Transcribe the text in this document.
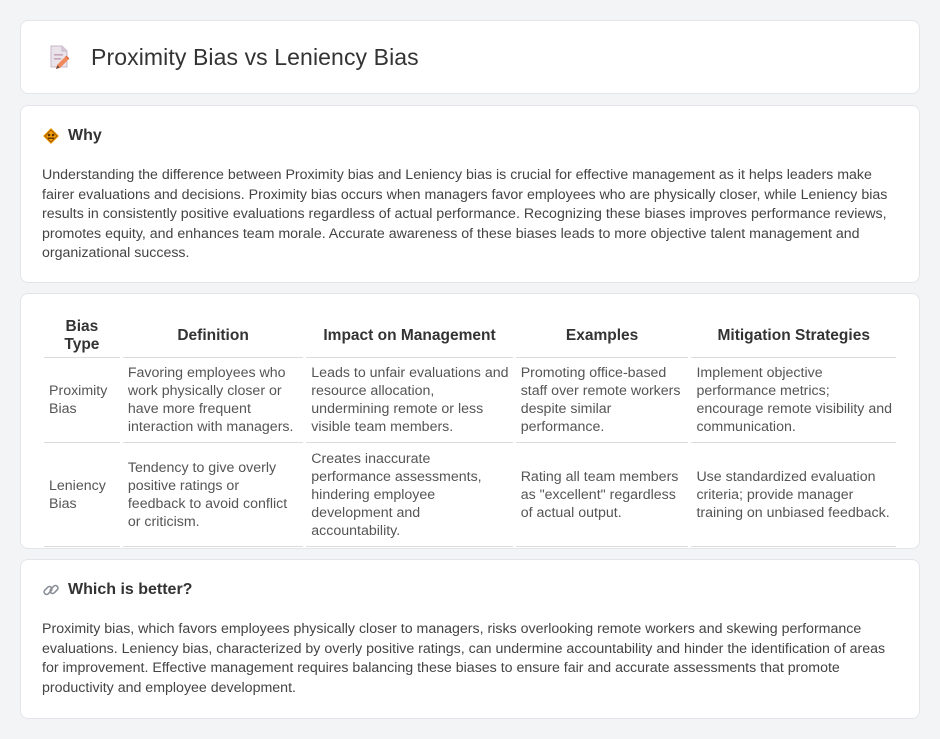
Proximity Bias vs Leniency Bias
Why

Understanding the difference between Proximity bias and Leniency bias is crucial for effective management as it helps leaders make fairer evaluations and decisions. Proximity bias occurs when managers favor employees who are physically closer, while Leniency bias results in consistently positive evaluations regardless of actual performance. Recognizing these biases improves performance reviews, promotes equity, and enhances team morale. Accurate awareness of these biases leads to more objective talent management and organizational success.

Bias Type	Definition	Impact on Management	Examples	Mitigation Strategies
Proximity Bias	Favoring employees who work physically closer or have more frequent interaction with managers.	Leads to unfair evaluations and resource allocation, undermining remote or less visible team members.	Promoting office-based staff over remote workers despite similar performance.	Implement objective performance metrics; encourage remote visibility and communication.
Leniency Bias	Tendency to give overly positive ratings or feedback to avoid conflict or criticism.	Creates inaccurate performance assessments, hindering employee development and accountability.	Rating all team members as "excellent" regardless of actual output.	Use standardized evaluation criteria; provide manager training on unbiased feedback.
Which is better?

Proximity bias, which favors employees physically closer to managers, risks overlooking remote workers and skewing performance evaluations. Leniency bias, characterized by overly positive ratings, can undermine accountability and hinder the identification of areas for improvement. Effective management requires balancing these biases to ensure fair and accurate assessments that promote productivity and employee development.
